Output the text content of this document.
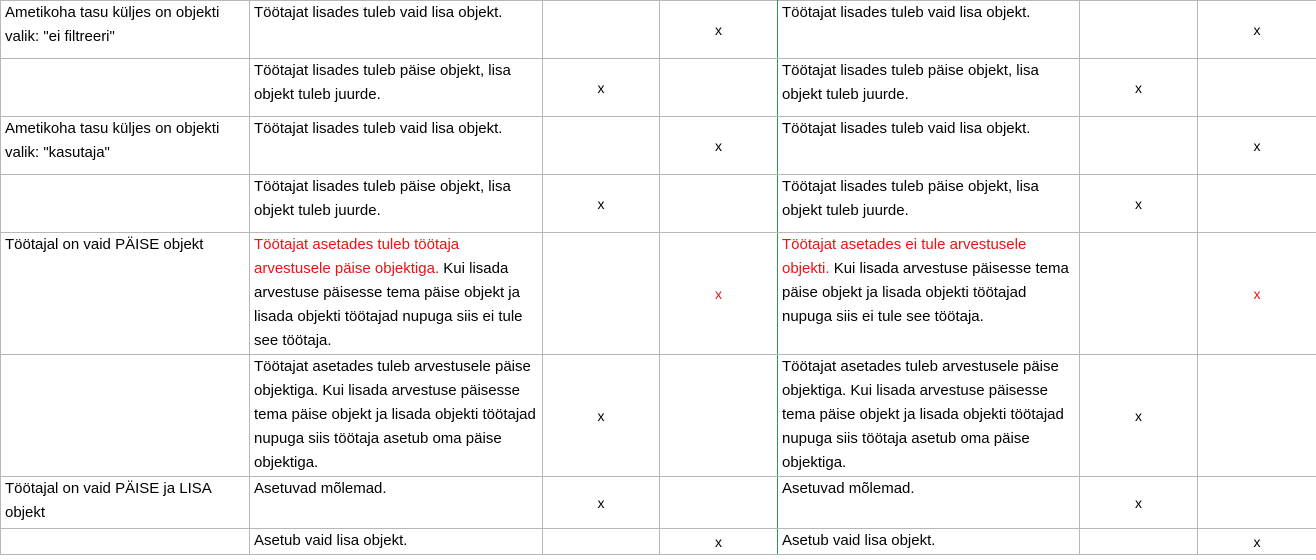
Ametikoha tasu küljes on objekti valik: "ei filtreeri"	Töötajat lisades tuleb vaid lisa objekt.		x	Töötajat lisades tuleb vaid lisa objekt.		x
	Töötajat lisades tuleb päise objekt, lisa objekt tuleb juurde.	x		Töötajat lisades tuleb päise objekt, lisa objekt tuleb juurde.	x	
Ametikoha tasu küljes on objekti valik: "kasutaja"	Töötajat lisades tuleb vaid lisa objekt.		x	Töötajat lisades tuleb vaid lisa objekt.		x
	Töötajat lisades tuleb päise objekt, lisa objekt tuleb juurde.	x		Töötajat lisades tuleb päise objekt, lisa objekt tuleb juurde.	x	
Töötajal on vaid PÄISE objekt	Töötajat asetades tuleb töötaja arvestusele päise objektiga. Kui lisada arvestuse päisesse tema päise objekt ja lisada objekti töötajad nupuga siis ei tule see töötaja.		x	Töötajat asetades ei tule arvestusele objekti. Kui lisada arvestuse päisesse tema päise objekt ja lisada objekti töötajad nupuga siis ei tule see töötaja.		x
	Töötajat asetades tuleb arvestusele päise objektiga. Kui lisada arvestuse päisesse tema päise objekt ja lisada objekti töötajad nupuga siis töötaja asetub oma päise objektiga.	x		Töötajat asetades tuleb arvestusele päise objektiga. Kui lisada arvestuse päisesse tema päise objekt ja lisada objekti töötajad nupuga siis töötaja asetub oma päise objektiga.	x	
Töötajal on vaid PÄISE ja LISA objekt	Asetuvad mõlemad.	x		Asetuvad mõlemad.	x	
	Asetub vaid lisa objekt.		x	Asetub vaid lisa objekt.		x
